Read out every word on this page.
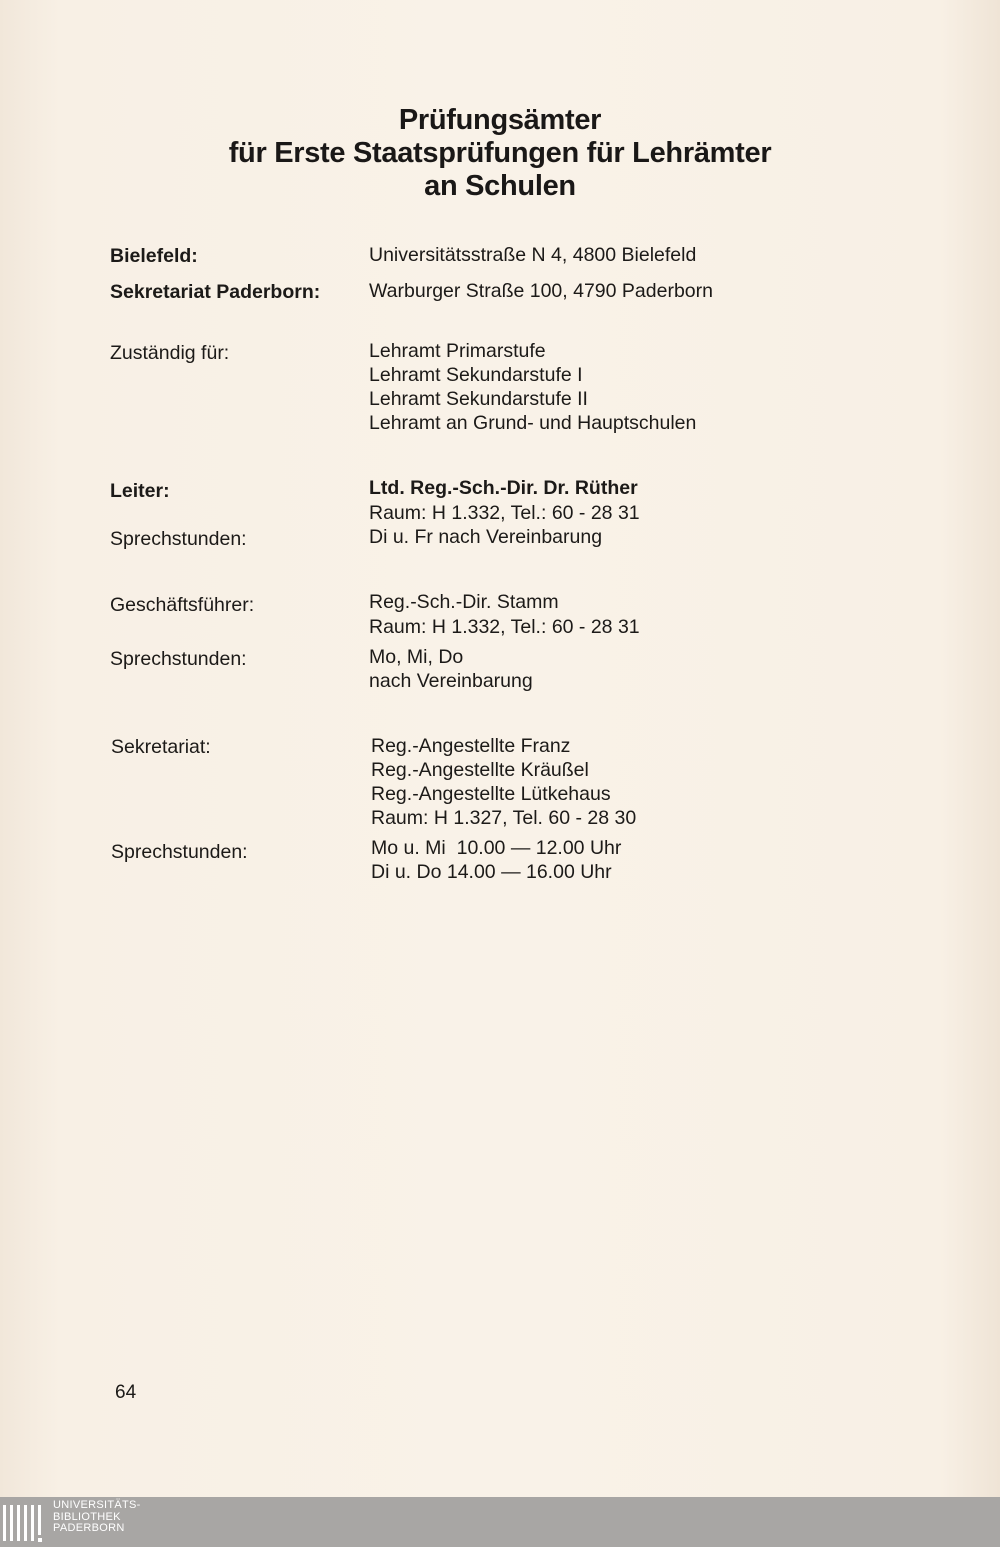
Prüfungsämter
für Erste Staatsprüfungen für Lehrämter
an Schulen
Bielefeld:	Universitätsstraße N 4, 4800 Bielefeld
Sekretariat Paderborn:	Warburger Straße 100, 4790 Paderborn
Zuständig für:	Lehramt Primarstufe
Lehramt Sekundarstufe I
Lehramt Sekundarstufe II
Lehramt an Grund- und Hauptschulen
Leiter:	Ltd. Reg.-Sch.-Dir. Dr. Rüther
Raum: H 1.332, Tel.: 60 - 28 31
Sprechstunden:	Di u. Fr nach Vereinbarung
Geschäftsführer:	Reg.-Sch.-Dir. Stamm
Raum: H 1.332, Tel.: 60 - 28 31
Sprechstunden:	Mo, Mi, Do
nach Vereinbarung
Sekretariat:	Reg.-Angestellte Franz
Reg.-Angestellte Kräußel
Reg.-Angestellte Lütkehaus
Raum: H 1.327, Tel. 60 - 28 30
Sprechstunden:	Mo u. Mi  10.00 — 12.00 Uhr
Di u. Do 14.00 — 16.00 Uhr
64
UNIVERSITÄTS-
BIBLIOTHEK
PADERBORN
